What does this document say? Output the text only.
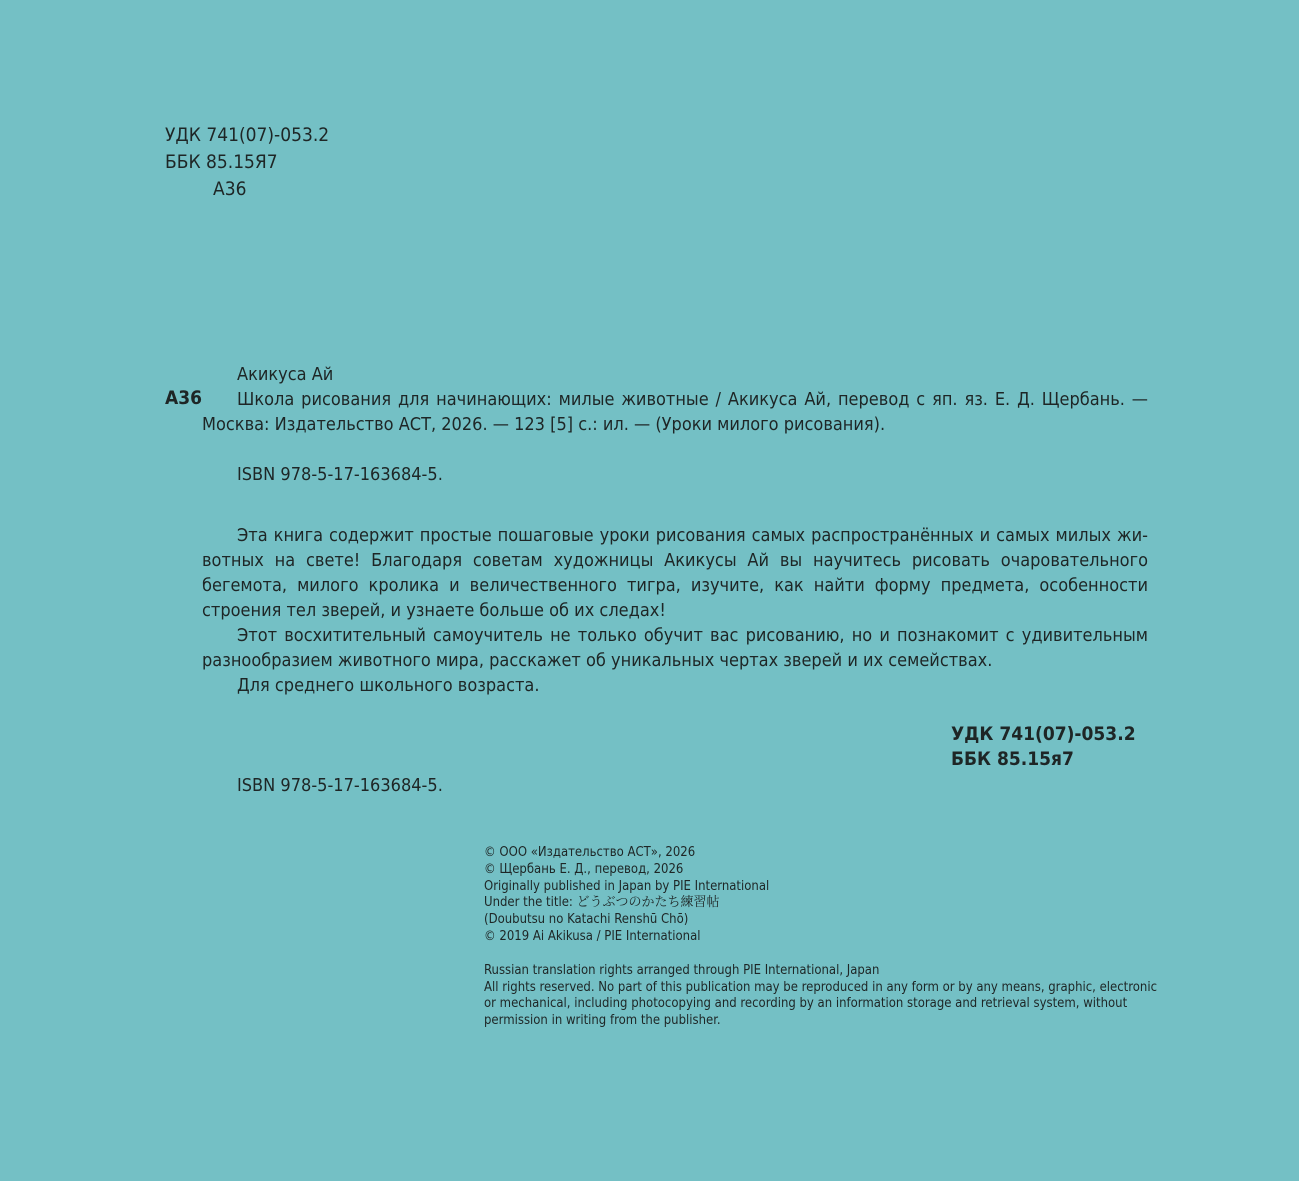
УДК 741(07)-053.2
ББК 85.15Я7
А36
Акикуса Ай
А36	Школа рисования для начинающих: милые животные / Акикуса Ай, перевод с яп. яз. Е. Д. Щербань. — Москва: Издательство АСТ, 2026. — 123 [5] с.: ил. — (Уроки милого рисования).
ISBN 978-5-17-163684-5.

Эта книга содержит простые пошаговые уроки рисования самых распространённых и самых милых животных на свете! Благодаря советам художницы Акикусы Ай вы научитесь рисовать очаровательного бегемота, милого кролика и величественного тигра, изучите, как найти форму предмета, особенности строения тел зверей, и узнаете больше об их следах!

Этот восхитительный самоучитель не только обучит вас рисованию, но и познакомит с удивительным разнообразием животного мира, расскажет об уникальных чертах зверей и их семействах.

Для среднего школьного возраста.

УДК 741(07)-053.2
ББК 85.15я7
ISBN 978-5-17-163684-5.
© ООО «Издательство АСТ», 2026
© Щербань Е. Д., перевод, 2026
Originally published in Japan by PIE International
Under the title: どうぶつのかたち練習帖
(Doubutsu no Katachi Renshū Chō)
© 2019 Ai Akikusa / PIE International
Russian translation rights arranged through PIE International, Japan
All rights reserved. No part of this publication may be reproduced in any form or by any means, graphic, electronic
or mechanical, including photocopying and recording by an information storage and retrieval system, without
permission in writing from the publisher.
